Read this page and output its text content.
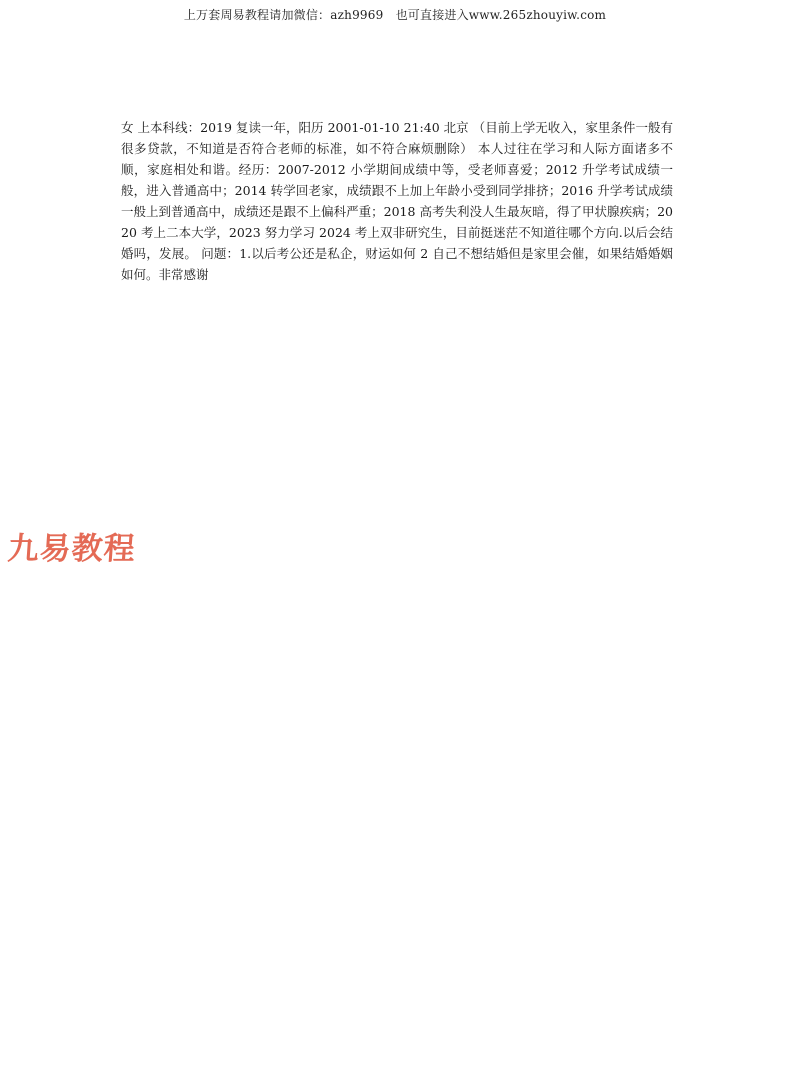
上万套周易教程请加微信：azh9969　也可直接进入www.265zhouyiw.com
女 上本科线：2019 复读一年，阳历 2001-01-10 21:40 北京 （目前上学无收入，家里条件一般有很多贷款，不知道是否符合老师的标准，如不符合麻烦删除） 本人过往在学习和人际方面诸多不顺，家庭相处和谐。经历：2007-2012 小学期间成绩中等，受老师喜爱；2012 升学考试成绩一般，进入普通高中；2014 转学回老家，成绩跟不上加上年龄小受到同学排挤；2016 升学考试成绩一般上到普通高中，成绩还是跟不上偏科严重；2018 高考失利没人生最灰暗，得了甲状腺疾病；2020 考上二本大学，2023 努力学习 2024 考上双非研究生，目前挺迷茫不知道往哪个方向.以后会结婚吗，发展。 问题：1.以后考公还是私企，财运如何 2 自己不想结婚但是家里会催，如果结婚婚姻如何。非常感谢
九易教程
